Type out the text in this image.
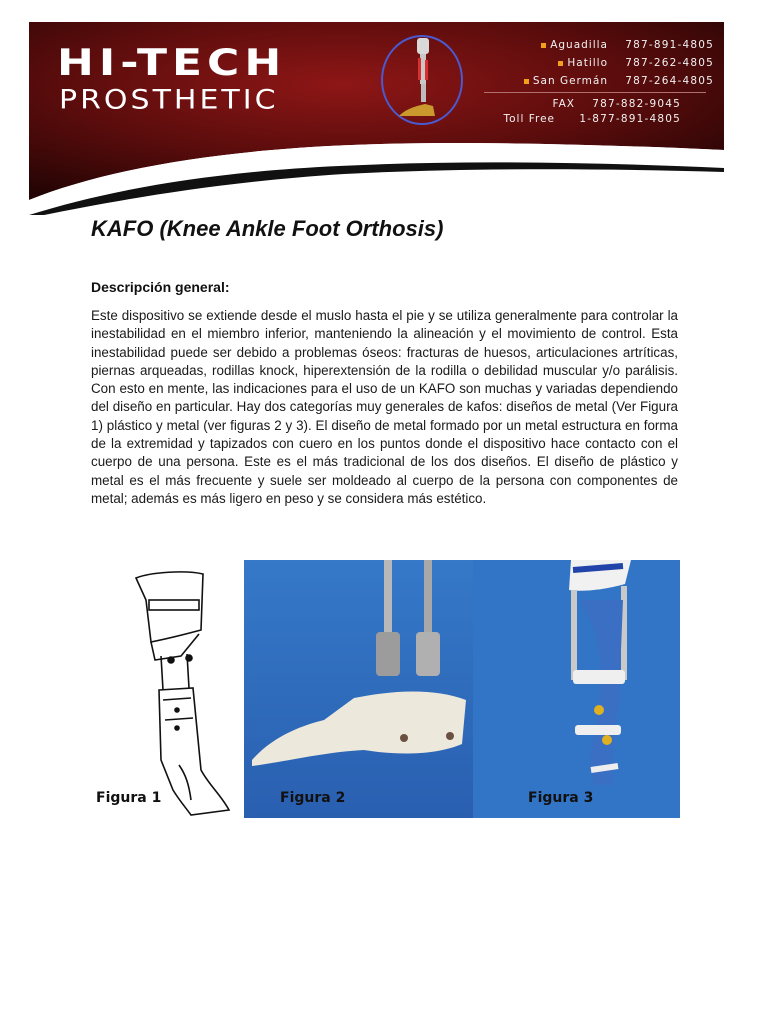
HI-TECH
PROSTHETIC
Aguadilla	787-891-4805
Hatillo	787-262-4805
San Germán	787-264-4805
FAX	787-882-9045
Toll Free	1-877-891-4805
KAFO (Knee Ankle Foot Orthosis)
Descripción general:

Este dispositivo se extiende desde el muslo hasta el pie y se utiliza generalmente para controlar la inestabilidad en el miembro inferior, manteniendo la alineación y el movimiento de control. Esta inestabilidad puede ser debido a problemas óseos: fracturas de huesos, articulaciones artríticas, piernas arqueadas, rodillas knock, hiperextensión de la rodilla o debilidad muscular y/o parálisis. Con esto en mente, las indicaciones para el uso de un KAFO son muchas y variadas dependiendo del diseño en particular. Hay dos categorías muy generales de kafos: diseños de metal (Ver Figura 1) plástico y metal (ver figuras 2 y 3). El diseño de metal formado por un metal estructura en forma de la extremidad y tapizados con cuero en los puntos donde el dispositivo hace contacto con el cuerpo de una persona. Este es el más tradicional de los dos diseños. El diseño de plástico y metal es el más frecuente y suele ser moldeado al cuerpo de la persona con componentes de metal; además es más ligero en peso y se considera más estético.

Figura 1	Figura 2	Figura 3
